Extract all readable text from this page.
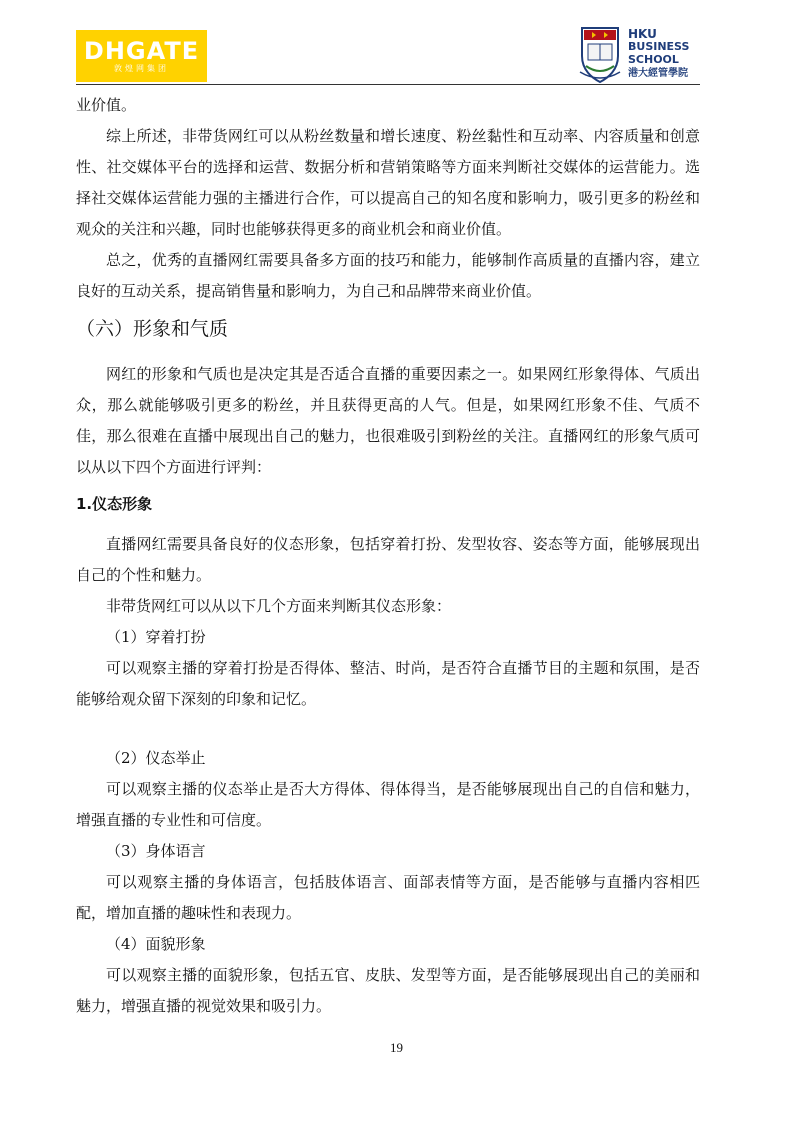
DHGATE
敦煌网集团
HKU
BUSINESS
SCHOOL
港大經管學院

业价值。

综上所述，非带货网红可以从粉丝数量和增长速度、粉丝黏性和互动率、内容质量和创意性、社交媒体平台的选择和运营、数据分析和营销策略等方面来判断社交媒体的运营能力。选择社交媒体运营能力强的主播进行合作，可以提高自己的知名度和影响力，吸引更多的粉丝和观众的关注和兴趣，同时也能够获得更多的商业机会和商业价值。

总之，优秀的直播网红需要具备多方面的技巧和能力，能够制作高质量的直播内容，建立良好的互动关系，提高销售量和影响力，为自己和品牌带来商业价值。

（六）形象和气质

网红的形象和气质也是决定其是否适合直播的重要因素之一。如果网红形象得体、气质出众，那么就能够吸引更多的粉丝，并且获得更高的人气。但是，如果网红形象不佳、气质不佳，那么很难在直播中展现出自己的魅力，也很难吸引到粉丝的关注。直播网红的形象气质可以从以下四个方面进行评判：

1.仪态形象

直播网红需要具备良好的仪态形象，包括穿着打扮、发型妆容、姿态等方面，能够展现出自己的个性和魅力。

非带货网红可以从以下几个方面来判断其仪态形象：

（1）穿着打扮

可以观察主播的穿着打扮是否得体、整洁、时尚，是否符合直播节目的主题和氛围，是否能够给观众留下深刻的印象和记忆。

（2）仪态举止

可以观察主播的仪态举止是否大方得体、得体得当，是否能够展现出自己的自信和魅力，增强直播的专业性和可信度。

（3）身体语言

可以观察主播的身体语言，包括肢体语言、面部表情等方面，是否能够与直播内容相匹配，增加直播的趣味性和表现力。

（4）面貌形象

可以观察主播的面貌形象，包括五官、皮肤、发型等方面，是否能够展现出自己的美丽和魅力，增强直播的视觉效果和吸引力。

19
